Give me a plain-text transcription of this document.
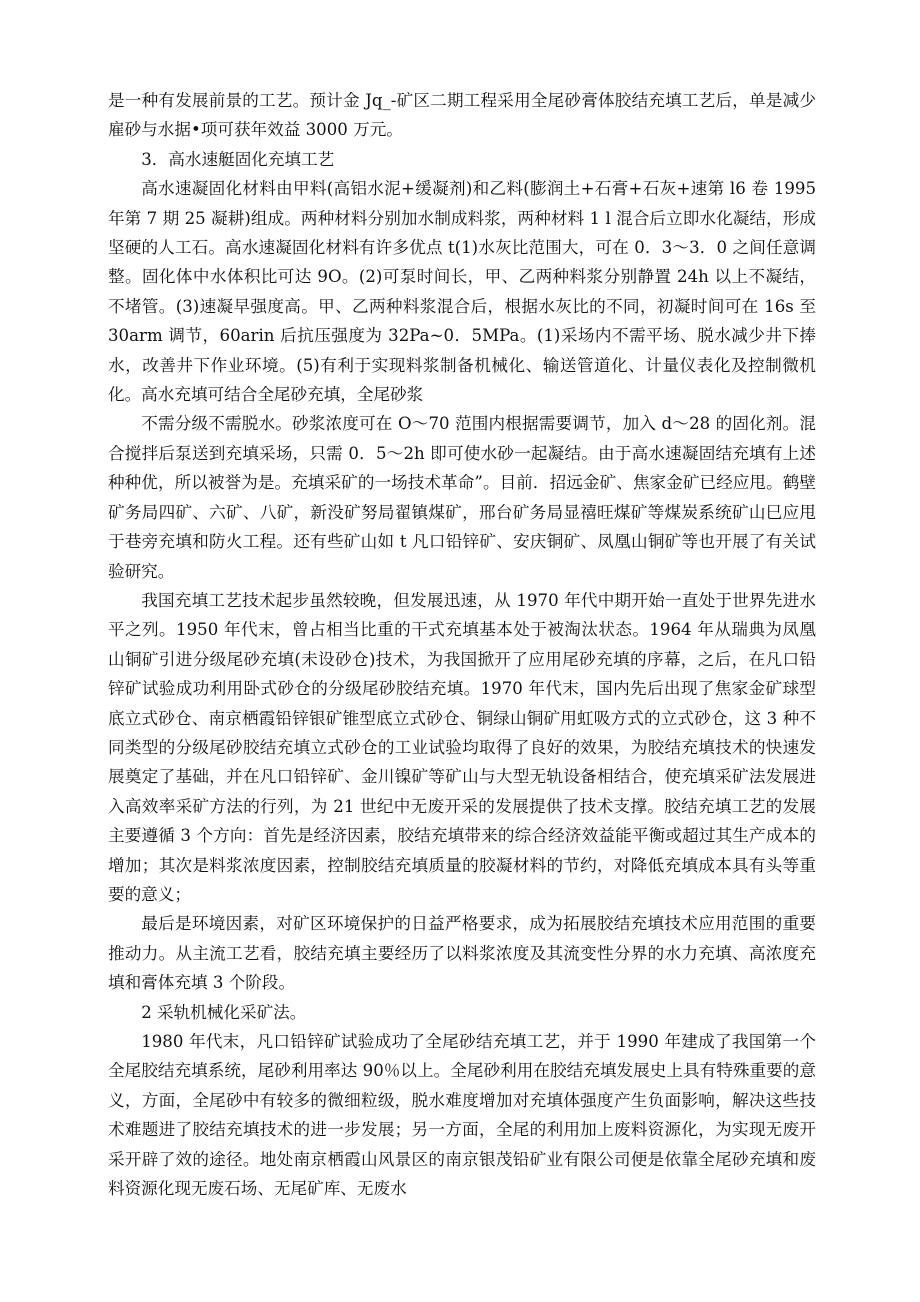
是一种有发展前景的工艺。预计金 Jq_-矿区二期工程采用全尾砂膏体胶结充填工艺后，单是减少雇砂与水据•项可获年效益 3000 万元。

3．高水速艇固化充填工艺

高水速凝固化材料由甲料(高铝水泥+缓凝剂)和乙料(膨润土+石膏+石灰+速第 l6 卷 1995 年第 7 期 25 凝耕)组成。两种材料分别加水制成料浆，两种材料 1 l 混合后立即水化凝结，形成坚硬的人工石。高水速凝固化材料有许多优点 t(1)水灰比范围大，可在 0．3～3．0 之间任意调整。固化体中水体积比可达 9O。(2)可泵时间长，甲、乙两种料浆分别静置 24h 以上不凝结，不堵管。(3)速凝早强度高。甲、乙两种料浆混合后，根据水灰比的不同，初凝时间可在 16s 至 30arm 调节，60arin 后抗压强度为 32Pa~0．5MPa。(1)采场内不需平场、脱水减少井下捧水，改善井下作业环境。(5)有利于实现料浆制备机械化、输送管道化、计量仪表化及控制微机化。高水充填可结合全尾砂充填，全尾砂浆

不需分级不需脱水。砂浆浓度可在 O～70 范围内根据需要调节，加入 d～28 的固化剂。混合搅拌后泵送到充填采场，只需 0．5～2h 即可使水砂一起凝结。由于高水速凝固结充填有上述种种优，所以被誉为是。充填采矿的一场技术革命”。目前．招远金矿、焦家金矿已经应甩。鹤壁矿务局四矿、六矿、八矿，新没矿努局翟镇煤矿，邢台矿务局显禧旺煤矿等煤炭系统矿山巳应甩于巷旁充填和防火工程。还有些矿山如 t 凡口铅锌矿、安庆铜矿、凤凰山铜矿等也开展了有关试验研究。

我国充填工艺技术起步虽然较晚，但发展迅速，从 1970 年代中期开始一直处于世界先进水平之列。1950 年代末，曾占相当比重的干式充填基本处于被淘汰状态。1964 年从瑞典为凤凰山铜矿引进分级尾砂充填(未设砂仓)技术，为我国掀开了应用尾砂充填的序幕，之后，在凡口铅锌矿试验成功利用卧式砂仓的分级尾砂胶结充填。1970 年代末，国内先后出现了焦家金矿球型底立式砂仓、南京栖霞铅锌银矿锥型底立式砂仓、铜绿山铜矿用虹吸方式的立式砂仓，这 3 种不同类型的分级尾砂胶结充填立式砂仓的工业试验均取得了良好的效果，为胶结充填技术的快速发展奠定了基础，并在凡口铅锌矿、金川镍矿等矿山与大型无轨设备相结合，使充填采矿法发展进入高效率采矿方法的行列，为 21 世纪中无废开采的发展提供了技术支撑。胶结充填工艺的发展主要遵循 3 个方向：首先是经济因素，胶结充填带来的综合经济效益能平衡或超过其生产成本的增加；其次是料浆浓度因素，控制胶结充填质量的胶凝材料的节约，对降低充填成本具有头等重要的意义；

最后是环境因素，对矿区环境保护的日益严格要求，成为拓展胶结充填技术应用范围的重要推动力。从主流工艺看，胶结充填主要经历了以料浆浓度及其流变性分界的水力充填、高浓度充填和膏体充填 3 个阶段。

2 采轨机械化采矿法。

1980 年代末，凡口铅锌矿试验成功了全尾砂结充填工艺，并于 1990 年建成了我国第一个全尾胶结充填系统，尾砂利用率达 90％以上。全尾砂利用在胶结充填发展史上具有特殊重要的意义，方面，全尾砂中有较多的微细粒级，脱水难度增加对充填体强度产生负面影响，解决这些技术难题进了胶结充填技术的进一步发展；另一方面，全尾的利用加上废料资源化，为实现无废开采开辟了效的途径。地处南京栖霞山风景区的南京银茂铅矿业有限公司便是依靠全尾砂充填和废料资源化现无废石场、无尾矿库、无废水
